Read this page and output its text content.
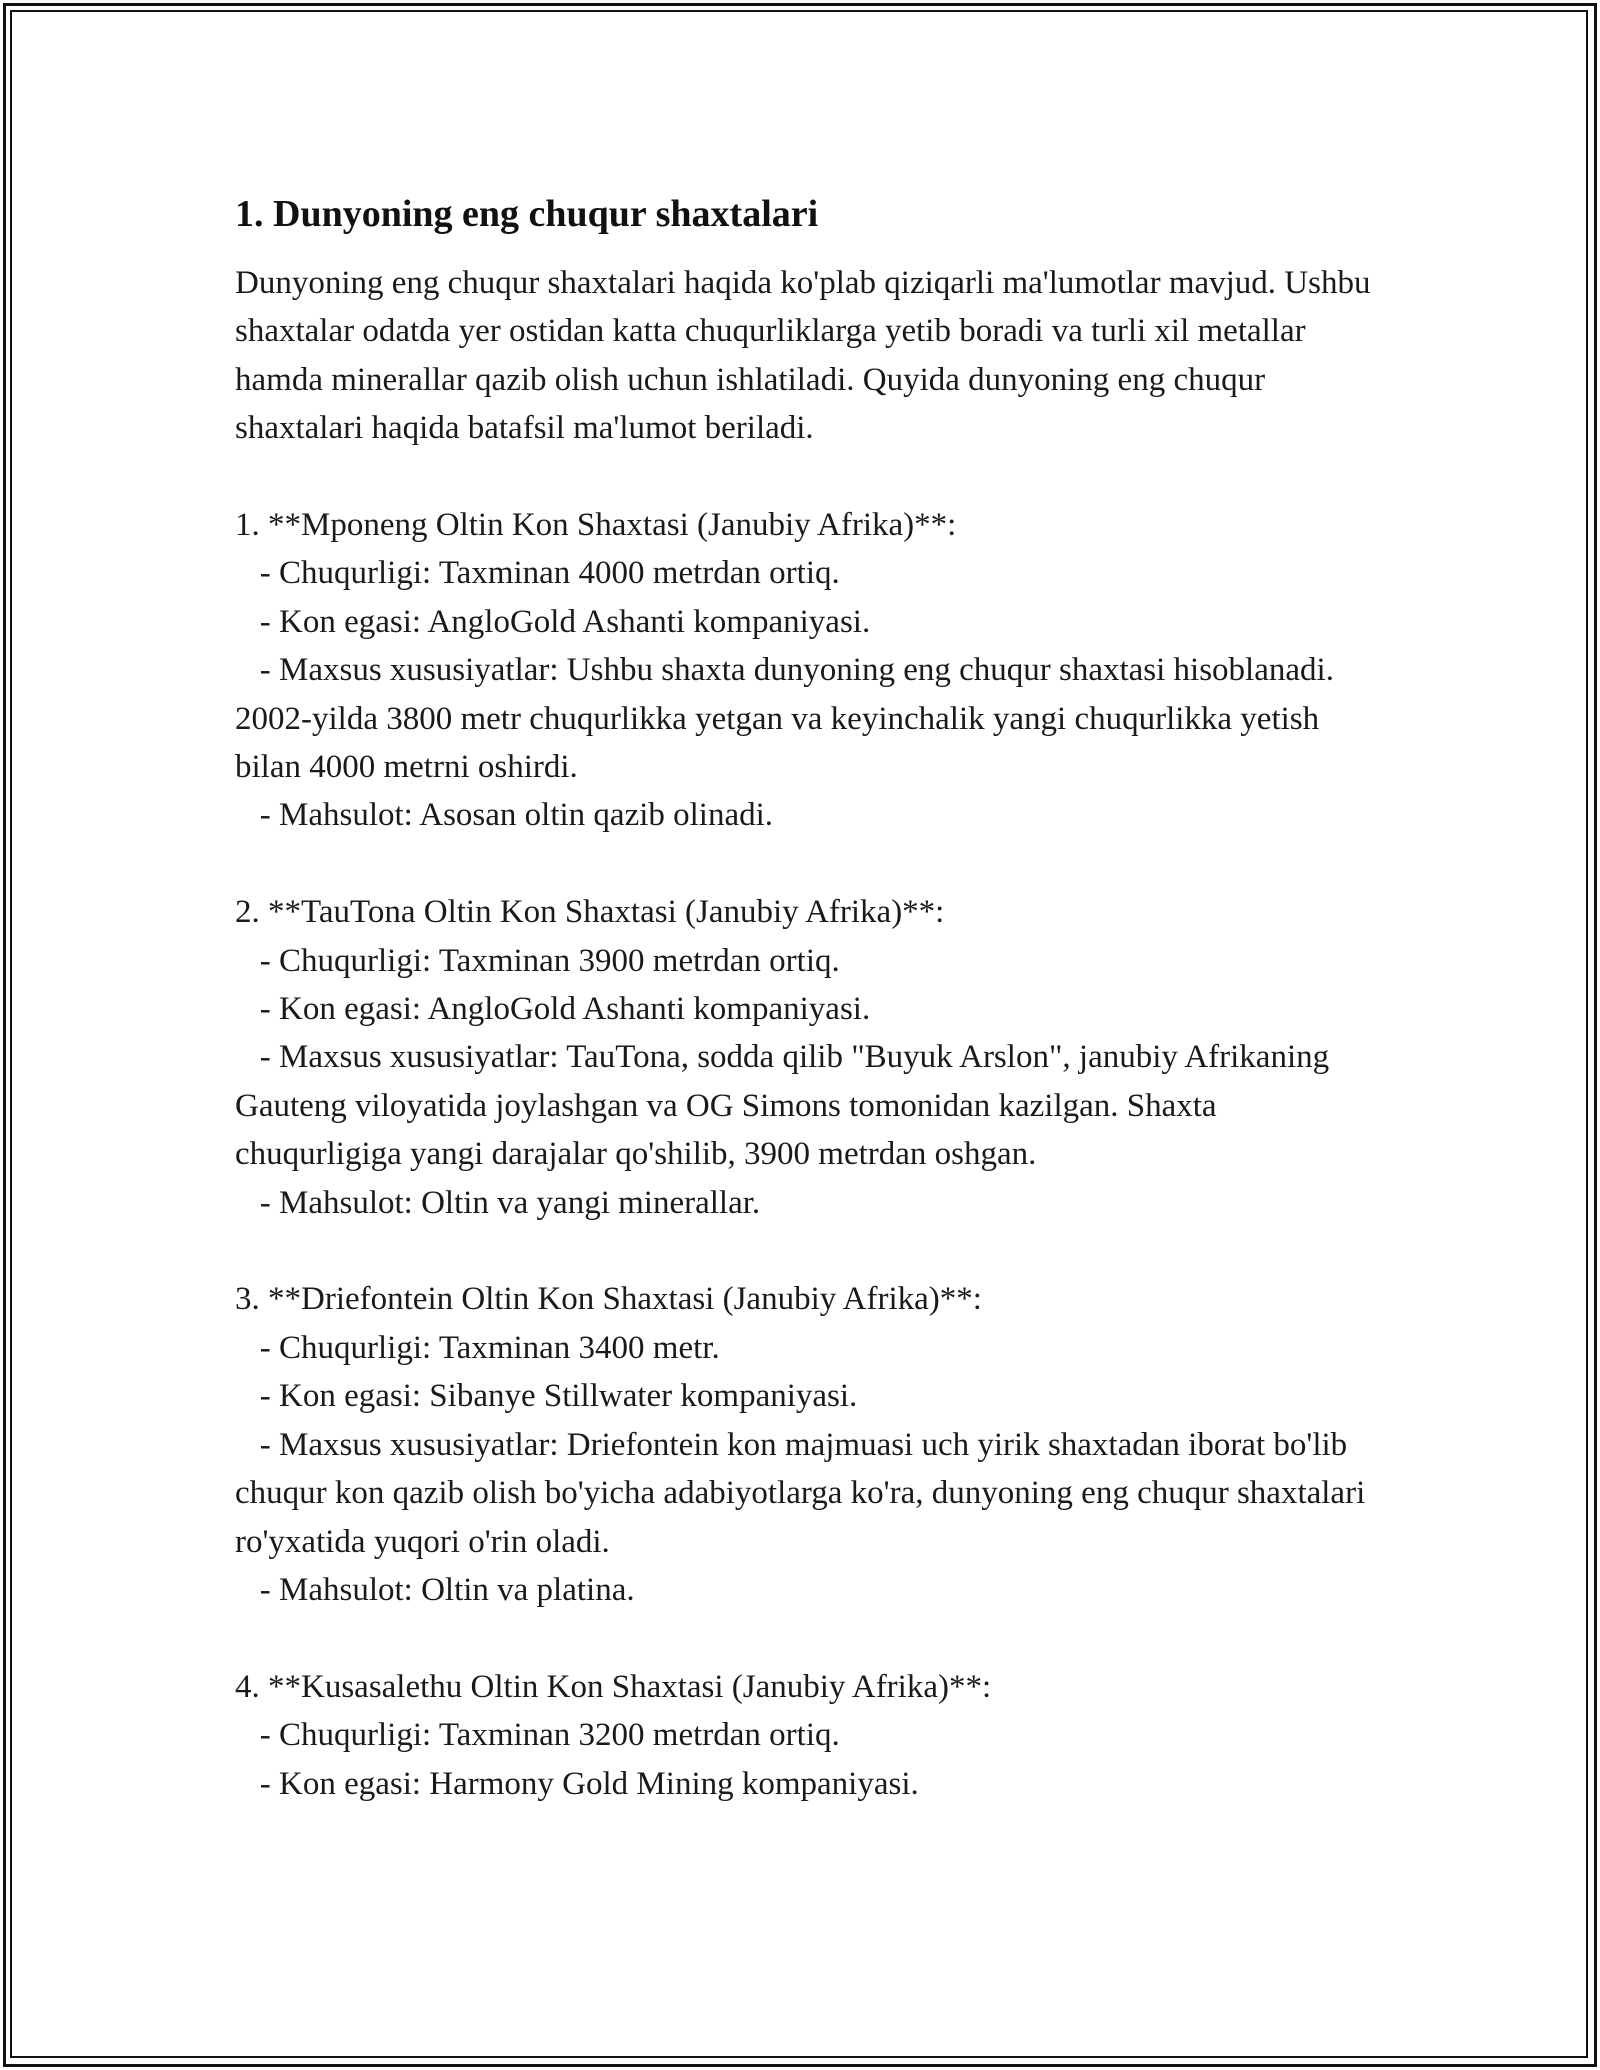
1. Dunyoning eng chuqur shaxtalari

Dunyoning eng chuqur shaxtalari haqida ko'plab qiziqarli ma'lumotlar mavjud. Ushbu shaxtalar odatda yer ostidan katta chuqurliklarga yetib boradi va turli xil metallar hamda minerallar qazib olish uchun ishlatiladi. Quyida dunyoning eng chuqur shaxtalari haqida batafsil ma'lumot beriladi.

1. **Mponeng Oltin Kon Shaxtasi (Janubiy Afrika)**:

- Chuqurligi: Taxminan 4000 metrdan ortiq.

- Kon egasi: AngloGold Ashanti kompaniyasi.

- Maxsus xususiyatlar: Ushbu shaxta dunyoning eng chuqur shaxtasi hisoblanadi. 2002-yilda 3800 metr chuqurlikka yetgan va keyinchalik yangi chuqurlikka yetish bilan 4000 metrni oshirdi.

- Mahsulot: Asosan oltin qazib olinadi.

2. **TauTona Oltin Kon Shaxtasi (Janubiy Afrika)**:

- Chuqurligi: Taxminan 3900 metrdan ortiq.

- Kon egasi: AngloGold Ashanti kompaniyasi.

- Maxsus xususiyatlar: TauTona, sodda qilib "Buyuk Arslon", janubiy Afrikaning Gauteng viloyatida joylashgan va OG Simons tomonidan kazilgan. Shaxta chuqurligiga yangi darajalar qo'shilib, 3900 metrdan oshgan.

- Mahsulot: Oltin va yangi minerallar.

3. **Driefontein Oltin Kon Shaxtasi (Janubiy Afrika)**:

- Chuqurligi: Taxminan 3400 metr.

- Kon egasi: Sibanye Stillwater kompaniyasi.

- Maxsus xususiyatlar: Driefontein kon majmuasi uch yirik shaxtadan iborat bo'lib chuqur kon qazib olish bo'yicha adabiyotlarga ko'ra, dunyoning eng chuqur shaxtalari ro'yxatida yuqori o'rin oladi.

- Mahsulot: Oltin va platina.

4. **Kusasalethu Oltin Kon Shaxtasi (Janubiy Afrika)**:

- Chuqurligi: Taxminan 3200 metrdan ortiq.

- Kon egasi: Harmony Gold Mining kompaniyasi.
